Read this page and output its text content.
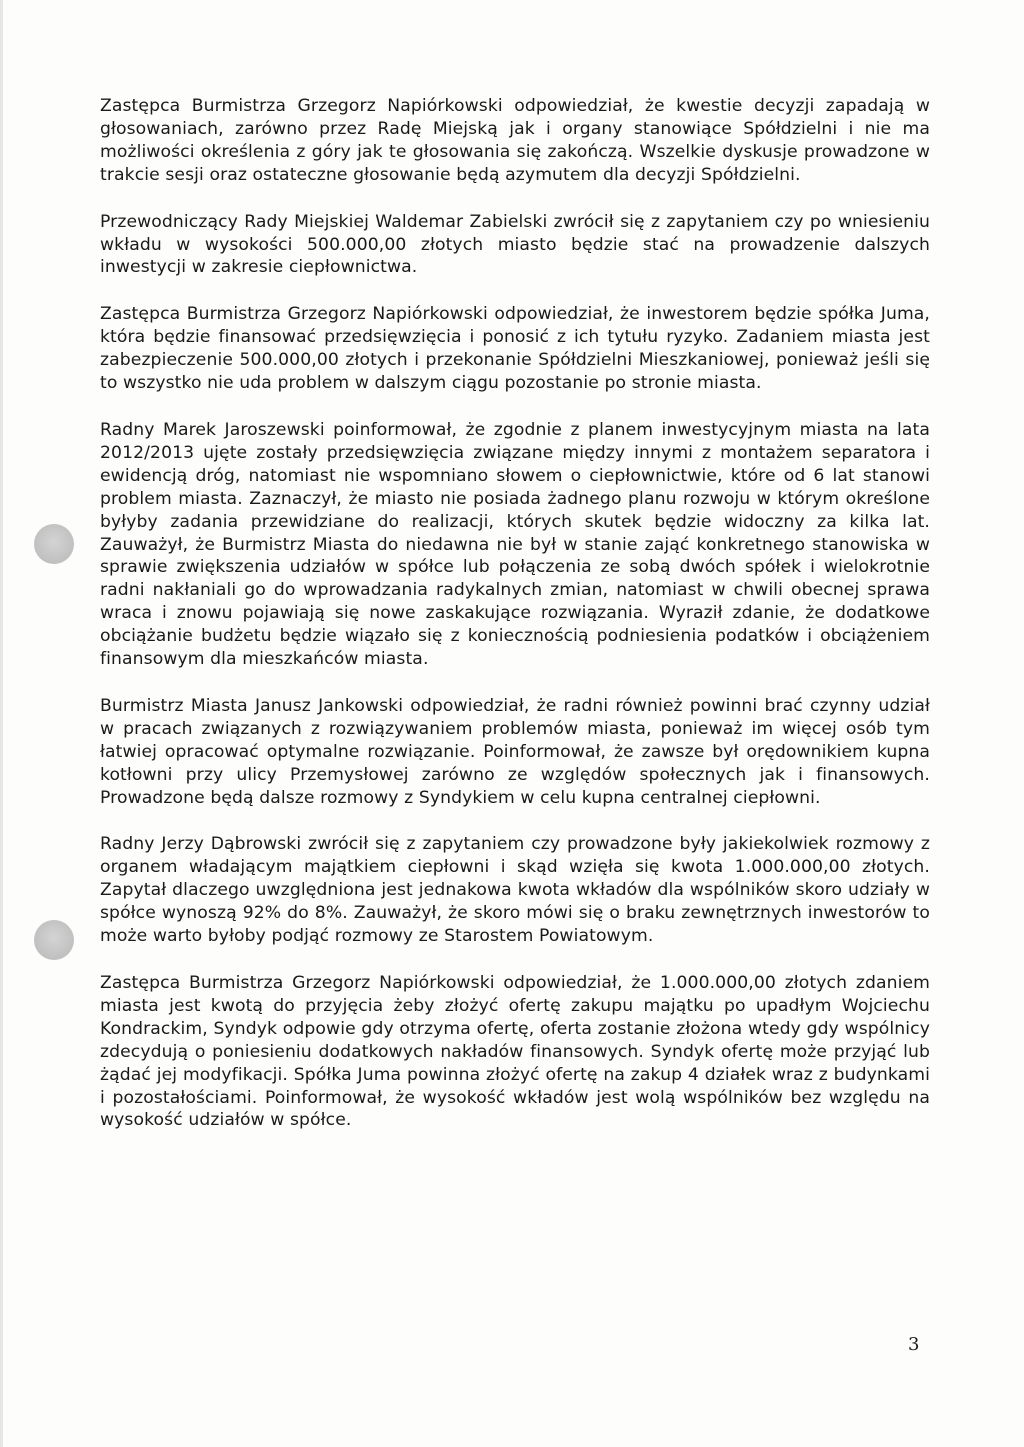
Zastępca Burmistrza Grzegorz Napiórkowski odpowiedział, że kwestie decyzji zapadają w głosowaniach, zarówno przez Radę Miejską jak i organy stanowiące Spółdzielni i nie ma możliwości określenia z góry jak te głosowania się zakończą. Wszelkie dyskusje prowadzone w trakcie sesji oraz ostateczne głosowanie będą azymutem dla decyzji Spółdzielni.

Przewodniczący Rady Miejskiej Waldemar Zabielski zwrócił się z zapytaniem czy po wniesieniu wkładu w wysokości 500.000,00 złotych miasto będzie stać na prowadzenie dalszych inwestycji w zakresie ciepłownictwa.

Zastępca Burmistrza Grzegorz Napiórkowski odpowiedział, że inwestorem będzie spółka Juma, która będzie finansować przedsięwzięcia i ponosić z ich tytułu ryzyko. Zadaniem miasta jest zabezpieczenie 500.000,00 złotych i przekonanie Spółdzielni Mieszkaniowej, ponieważ jeśli się to wszystko nie uda problem w dalszym ciągu pozostanie po stronie miasta.

Radny Marek Jaroszewski poinformował, że zgodnie z planem inwestycyjnym miasta na lata 2012/2013 ujęte zostały przedsięwzięcia związane między innymi z montażem separatora i ewidencją dróg, natomiast nie wspomniano słowem o ciepłownictwie, które od 6 lat stanowi problem miasta. Zaznaczył, że miasto nie posiada żadnego planu rozwoju w którym określone byłyby zadania przewidziane do realizacji, których skutek będzie widoczny za kilka lat. Zauważył, że Burmistrz Miasta do niedawna nie był w stanie zająć konkretnego stanowiska w sprawie zwiększenia udziałów w spółce lub połączenia ze sobą dwóch spółek i wielokrotnie radni nakłaniali go do wprowadzania radykalnych zmian, natomiast w chwili obecnej sprawa wraca i znowu pojawiają się nowe zaskakujące rozwiązania. Wyraził zdanie, że dodatkowe obciążanie budżetu będzie wiązało się z koniecznością podniesienia podatków i obciążeniem finansowym dla mieszkańców miasta.

Burmistrz Miasta Janusz Jankowski odpowiedział, że radni również powinni brać czynny udział w pracach związanych z rozwiązywaniem problemów miasta, ponieważ im więcej osób tym łatwiej opracować optymalne rozwiązanie. Poinformował, że zawsze był orędownikiem kupna kotłowni przy ulicy Przemysłowej zarówno ze względów społecznych jak i finansowych. Prowadzone będą dalsze rozmowy z Syndykiem w celu kupna centralnej ciepłowni.

Radny Jerzy Dąbrowski zwrócił się z zapytaniem czy prowadzone były jakiekolwiek rozmowy z organem władającym majątkiem ciepłowni i skąd wzięła się kwota 1.000.000,00 złotych. Zapytał dlaczego uwzględniona jest jednakowa kwota wkładów dla wspólników skoro udziały w spółce wynoszą 92% do 8%. Zauważył, że skoro mówi się o braku zewnętrznych inwestorów to może warto byłoby podjąć rozmowy ze Starostem Powiatowym.

Zastępca Burmistrza Grzegorz Napiórkowski odpowiedział, że 1.000.000,00 złotych zdaniem miasta jest kwotą do przyjęcia żeby złożyć ofertę zakupu majątku po upadłym Wojciechu Kondrackim, Syndyk odpowie gdy otrzyma ofertę, oferta zostanie złożona wtedy gdy wspólnicy zdecydują o poniesieniu dodatkowych nakładów finansowych. Syndyk ofertę może przyjąć lub żądać jej modyfikacji. Spółka Juma powinna złożyć ofertę na zakup 4 działek wraz z budynkami i pozostałościami. Poinformował, że wysokość wkładów jest wolą wspólników bez względu na wysokość udziałów w spółce.

3
